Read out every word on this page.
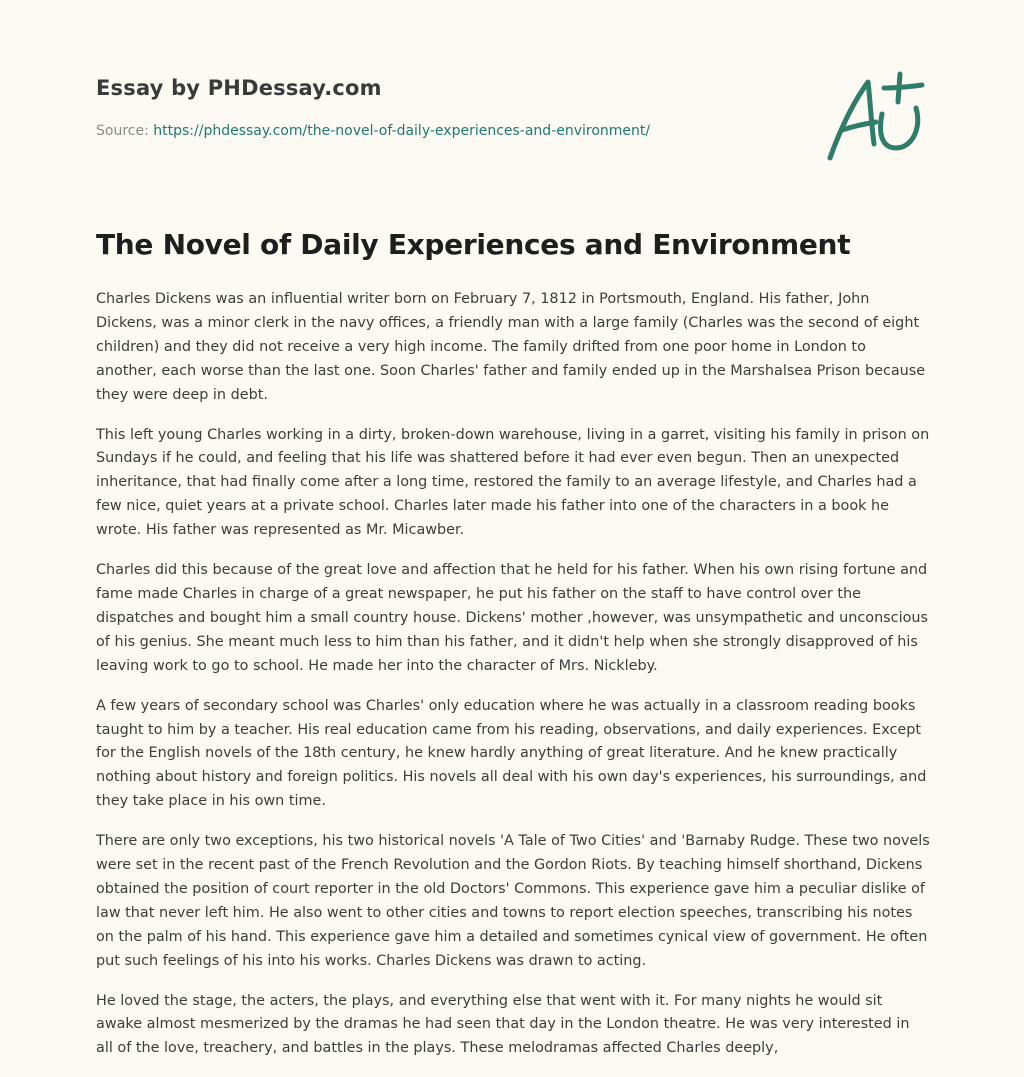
Essay by PHDessay.com
Source: https://phdessay.com/the-novel-of-daily-experiences-and-environment/
The Novel of Daily Experiences and Environment

Charles Dickens was an influential writer born on February 7, 1812 in Portsmouth, England. His father, John Dickens, was a minor clerk in the navy offices, a friendly man with a large family (Charles was the second of eight children) and they did not receive a very high income. The family drifted from one poor home in London to another, each worse than the last one. Soon Charles' father and family ended up in the Marshalsea Prison because they were deep in debt.

This left young Charles working in a dirty, broken-down warehouse, living in a garret, visiting his family in prison on Sundays if he could, and feeling that his life was shattered before it had ever even begun. Then an unexpected inheritance, that had finally come after a long time, restored the family to an average lifestyle, and Charles had a few nice, quiet years at a private school. Charles later made his father into one of the characters in a book he wrote. His father was represented as Mr. Micawber.

Charles did this because of the great love and affection that he held for his father. When his own rising fortune and fame made Charles in charge of a great newspaper, he put his father on the staff to have control over the dispatches and bought him a small country house. Dickens' mother ,however, was unsympathetic and unconscious of his genius. She meant much less to him than his father, and it didn't help when she strongly disapproved of his leaving work to go to school. He made her into the character of Mrs. Nickleby.

A few years of secondary school was Charles' only education where he was actually in a classroom reading books taught to him by a teacher. His real education came from his reading, observations, and daily experiences. Except for the English novels of the 18th century, he knew hardly anything of great literature. And he knew practically nothing about history and foreign politics. His novels all deal with his own day's experiences, his surroundings, and they take place in his own time.

There are only two exceptions, his two historical novels 'A Tale of Two Cities' and 'Barnaby Rudge. These two novels were set in the recent past of the French Revolution and the Gordon Riots. By teaching himself shorthand, Dickens obtained the position of court reporter in the old Doctors' Commons. This experience gave him a peculiar dislike of law that never left him. He also went to other cities and towns to report election speeches, transcribing his notes on the palm of his hand. This experience gave him a detailed and sometimes cynical view of government. He often put such feelings of his into his works. Charles Dickens was drawn to acting.

He loved the stage, the acters, the plays, and everything else that went with it. For many nights he would sit awake almost mesmerized by the dramas he had seen that day in the London theatre. He was very interested in all of the love, treachery, and battles in the plays. These melodramas affected Charles deeply,
